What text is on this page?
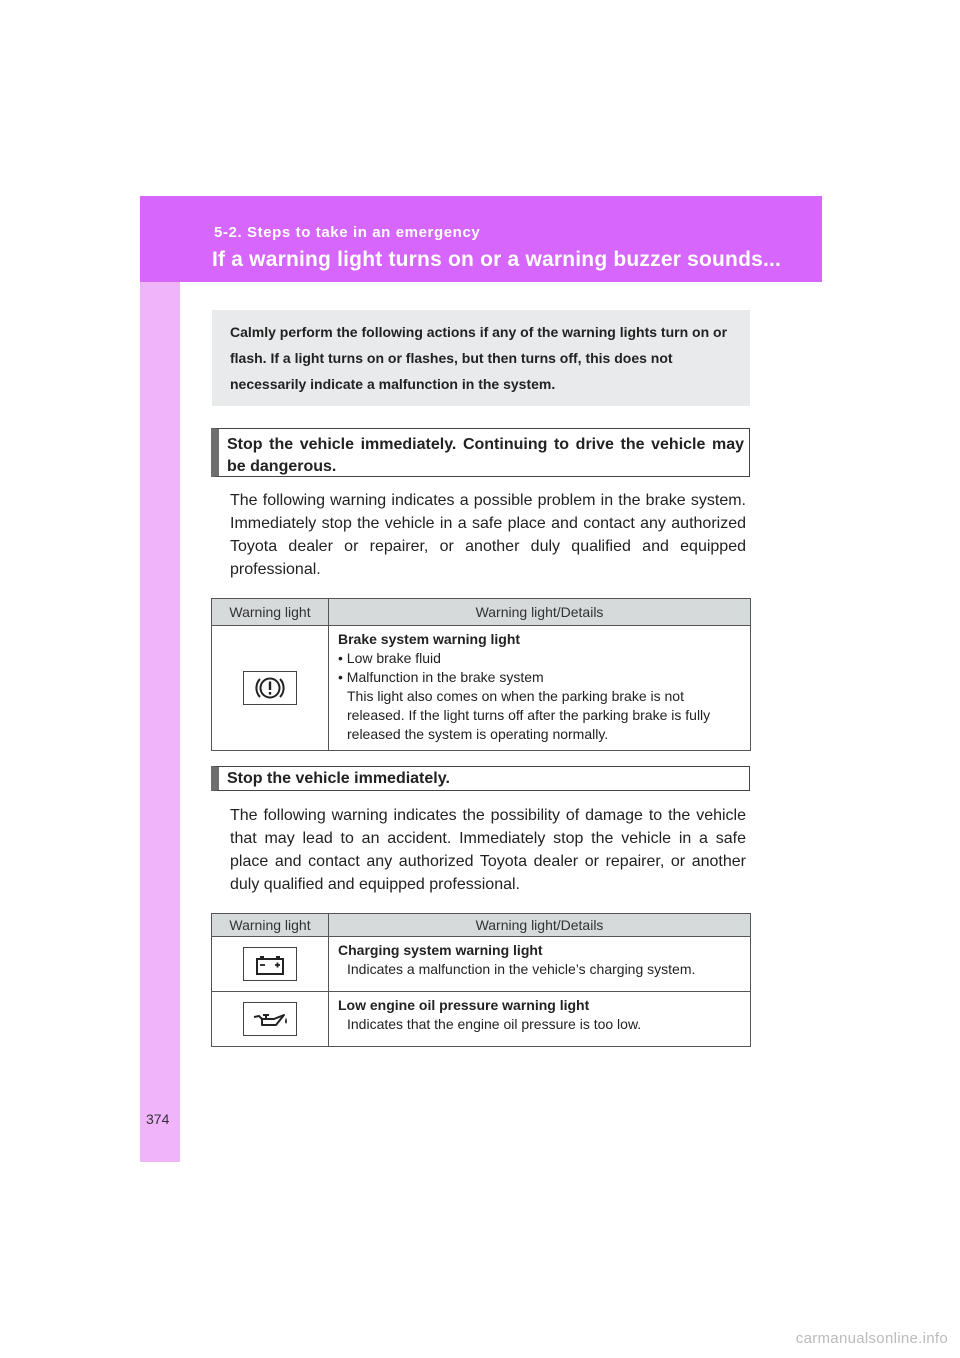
5-2. Steps to take in an emergency
If a warning light turns on or a warning buzzer sounds...
Calmly perform the following actions if any of the warning lights turn on or flash. If a light turns on or flashes, but then turns off, this does not necessarily indicate a malfunction in the system.
Stop the vehicle immediately. Continuing to drive the vehicle may be dangerous.
The following warning indicates a possible problem in the brake system. Immediately stop the vehicle in a safe place and contact any authorized Toyota dealer or repairer, or another duly qualified and equipped professional.
Warning light	Warning light/Details

Brake system warning light
• Low brake fluid
• Malfunction in the brake system
This light also comes on when the parking brake is not released. If the light turns off after the parking brake is fully released the system is operating normally.
Stop the vehicle immediately.
The following warning indicates the possibility of damage to the vehicle that may lead to an accident. Immediately stop the vehicle in a safe place and contact any authorized Toyota dealer or repairer, or another duly qualified and equipped professional.
Warning light	Warning light/Details

Charging system warning light
Indicates a malfunction in the vehicle’s charging system.

Low engine oil pressure warning light
Indicates that the engine oil pressure is too low.
374
carmanualsonline.info
